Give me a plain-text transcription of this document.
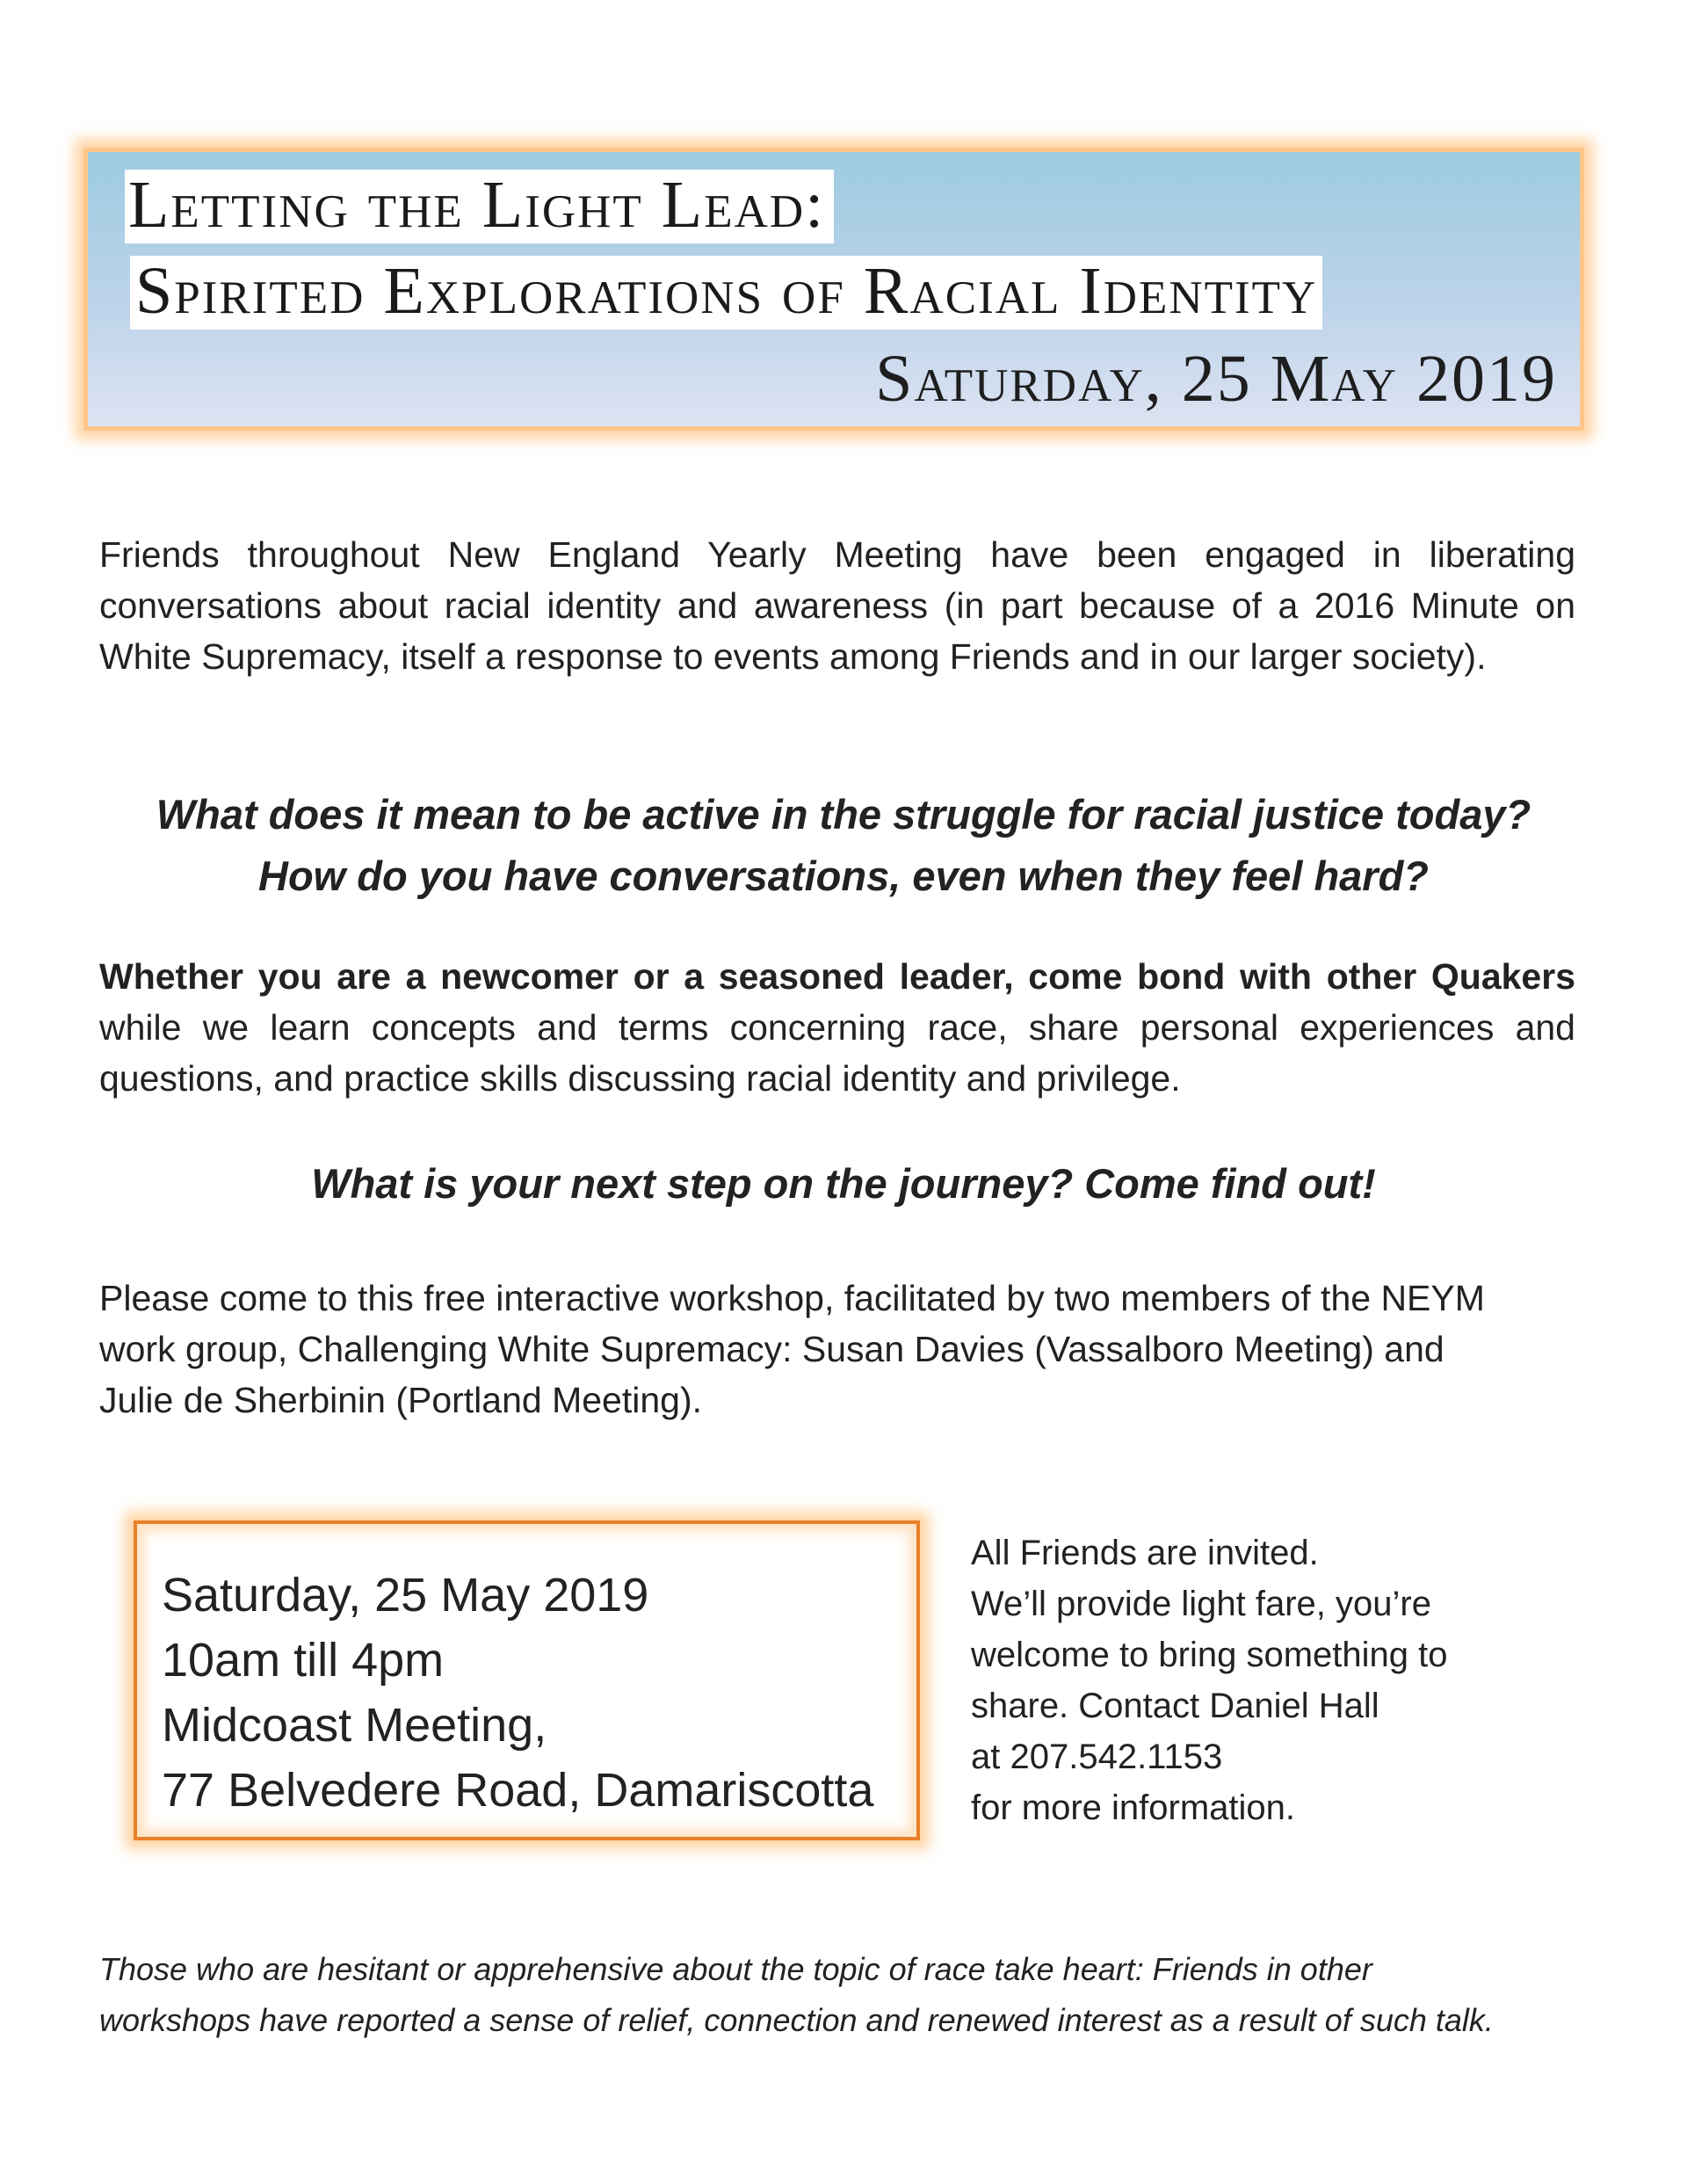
Letting the Light Lead:
Spirited Explorations of Racial Identity
Saturday, 25 May 2019
Friends throughout New England Yearly Meeting have been engaged in liberating conversations about racial identity and awareness (in part because of a 2016 Minute on White Supremacy, itself a response to events among Friends and in our larger society).
What does it mean to be active in the struggle for racial justice today?
How do you have conversations, even when they feel hard?
Whether you are a newcomer or a seasoned leader, come bond with other Quakers while we learn concepts and terms concerning race, share personal experiences and questions, and practice skills discussing racial identity and privilege.
What is your next step on the journey? Come find out!
Please come to this free interactive workshop, facilitated by two members of the NEYM
work group, Challenging White Supremacy: Susan Davies (Vassalboro Meeting) and
Julie de Sherbinin (Portland Meeting).
Saturday, 25 May 2019
10am till 4pm
Midcoast Meeting,
77 Belvedere Road, Damariscotta
All Friends are invited.
We’ll provide light fare, you’re
welcome to bring something to
share. Contact Daniel Hall
at 207.542.1153
for more information.
Those who are hesitant or apprehensive about the topic of race take heart: Friends in other
workshops have reported a sense of relief, connection and renewed interest as a result of such talk.
